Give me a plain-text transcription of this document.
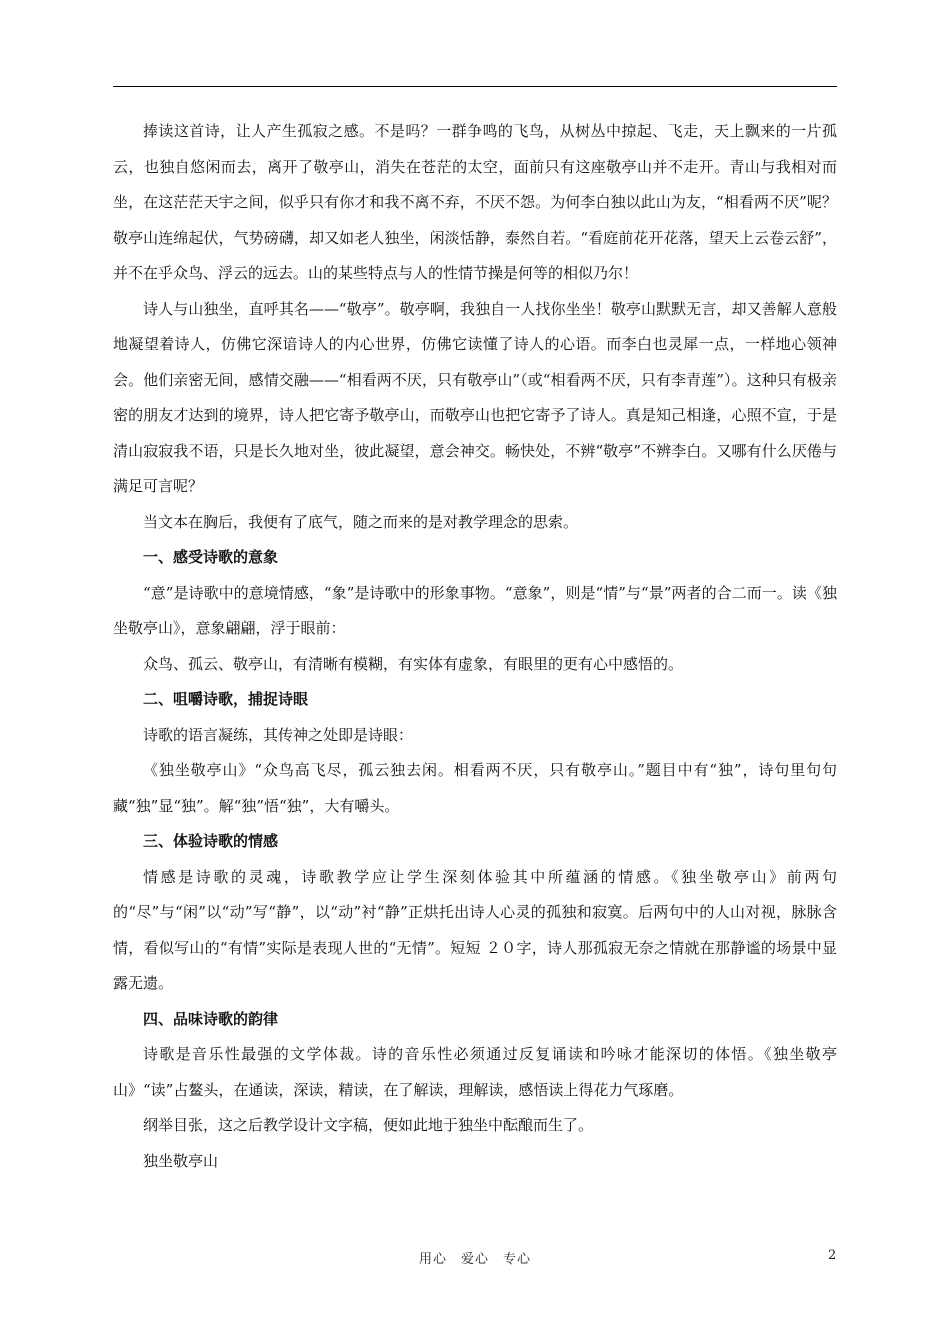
捧读这首诗，让人产生孤寂之感。不是吗？一群争鸣的飞鸟，从树丛中掠起、飞走，天上飘来的一片孤云，也独自悠闲而去，离开了敬亭山，消失在苍茫的太空，面前只有这座敬亭山并不走开。青山与我相对而坐，在这茫茫天宇之间，似乎只有你才和我不离不弃，不厌不怨。为何李白独以此山为友，“相看两不厌”呢？敬亭山连绵起伏，气势磅礴，却又如老人独坐，闲淡恬静，泰然自若。“看庭前花开花落，望天上云卷云舒”，并不在乎众鸟、浮云的远去。山的某些特点与人的性情节操是何等的相似乃尔！

诗人与山独坐，直呼其名——“敬亭”。敬亭啊，我独自一人找你坐坐！敬亭山默默无言，却又善解人意般地凝望着诗人，仿佛它深谙诗人的内心世界，仿佛它读懂了诗人的心语。而李白也灵犀一点，一样地心领神会。他们亲密无间，感情交融——“相看两不厌，只有敬亭山”（或“相看两不厌，只有李青莲”）。这种只有极亲密的朋友才达到的境界，诗人把它寄予敬亭山，而敬亭山也把它寄予了诗人。真是知己相逢，心照不宣，于是清山寂寂我不语，只是长久地对坐，彼此凝望，意会神交。畅快处，不辨“敬亭”不辨李白。又哪有什么厌倦与满足可言呢？

当文本在胸后，我便有了底气，随之而来的是对教学理念的思索。

一、感受诗歌的意象

“意”是诗歌中的意境情感，“象”是诗歌中的形象事物。“意象”，则是“情”与“景”两者的合二而一。读《独坐敬亭山》，意象翩翩，浮于眼前：

众鸟、孤云、敬亭山，有清晰有模糊，有实体有虚象，有眼里的更有心中感悟的。

二、咀嚼诗歌，捕捉诗眼

诗歌的语言凝练，其传神之处即是诗眼：

《独坐敬亭山》“众鸟高飞尽，孤云独去闲。相看两不厌，只有敬亭山。”题目中有“独”，诗句里句句藏“独”显“独”。解“独”悟“独”，大有嚼头。

三、体验诗歌的情感

情感是诗歌的灵魂，诗歌教学应让学生深刻体验其中所蕴涵的情感。《独坐敬亭山》前两句的“尽”与“闲”以“动”写“静”，以“动”衬“静”正烘托出诗人心灵的孤独和寂寞。后两句中的人山对视，脉脉含情，看似写山的“有情”实际是表现人世的“无情”。短短 ２０字，诗人那孤寂无奈之情就在那静谧的场景中显露无遗。

四、品味诗歌的韵律

诗歌是音乐性最强的文学体裁。诗的音乐性必须通过反复诵读和吟咏才能深切的体悟。《独坐敬亭山》“读”占鳌头，在通读，深读，精读，在了解读，理解读，感悟读上得花力气琢磨。

纲举目张，这之后教学设计文字稿，便如此地于独坐中酝酿而生了。

独坐敬亭山

用心　爱心　专心	2
